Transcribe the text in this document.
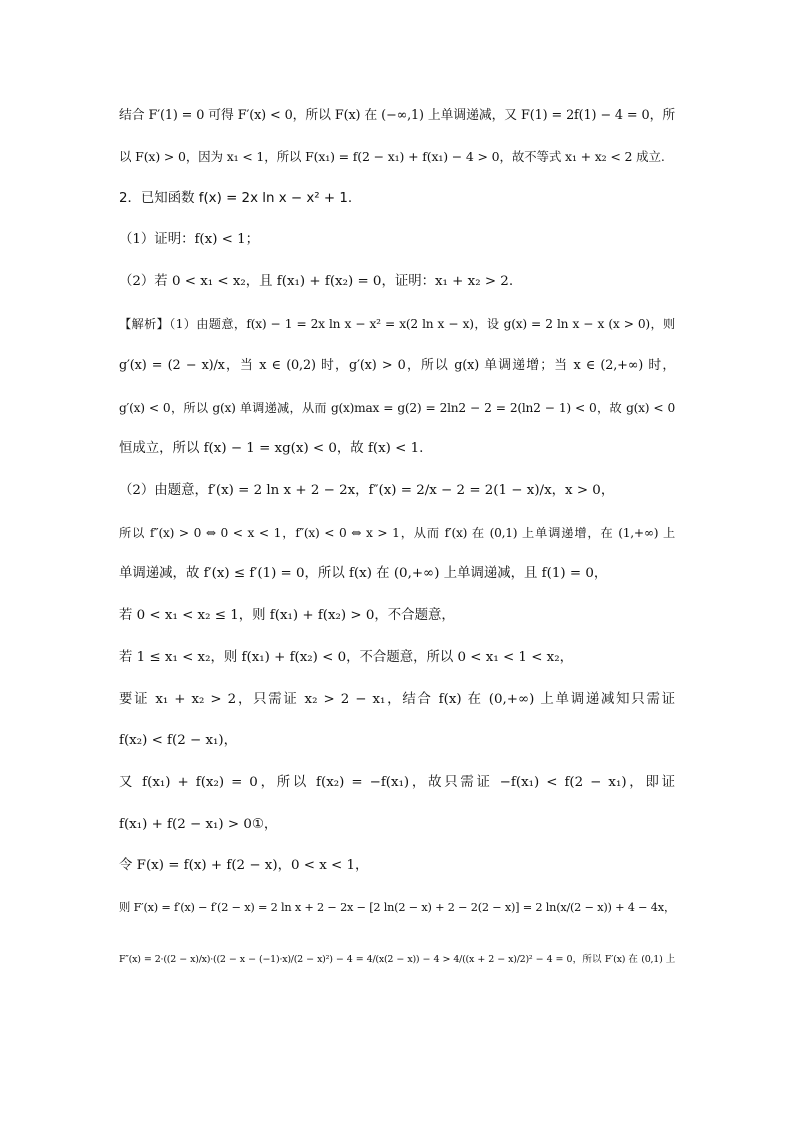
结合 F′(1) = 0 可得 F′(x) < 0，所以 F(x) 在 (−∞,1) 上单调递减，又 F(1) = 2f(1) − 4 = 0，所
以 F(x) > 0，因为 x₁ < 1，所以 F(x₁) = f(2 − x₁) + f(x₁) − 4 > 0，故不等式 x₁ + x₂ < 2 成立.
2．已知函数 f(x) = 2x ln x − x² + 1.
（1）证明：f(x) < 1；
（2）若 0 < x₁ < x₂，且 f(x₁) + f(x₂) = 0，证明：x₁ + x₂ > 2.
【解析】（1）由题意，f(x) − 1 = 2x ln x − x² = x(2 ln x − x)，设 g(x) = 2 ln x − x (x > 0)，则
g′(x) = (2 − x)/x，当 x ∈ (0,2) 时，g′(x) > 0，所以 g(x) 单调递增；当 x ∈ (2,+∞) 时，
g′(x) < 0，所以 g(x) 单调递减，从而 g(x)max = g(2) = 2ln2 − 2 = 2(ln2 − 1) < 0，故 g(x) < 0
恒成立，所以 f(x) − 1 = xg(x) < 0，故 f(x) < 1.
（2）由题意，f′(x) = 2 ln x + 2 − 2x，f″(x) = 2/x − 2 = 2(1 − x)/x，x > 0，
所以 f″(x) > 0 ⇔ 0 < x < 1，f″(x) < 0 ⇔ x > 1，从而 f′(x) 在 (0,1) 上单调递增，在 (1,+∞) 上
单调递减，故 f′(x) ≤ f′(1) = 0，所以 f(x) 在 (0,+∞) 上单调递减，且 f(1) = 0，
若 0 < x₁ < x₂ ≤ 1，则 f(x₁) + f(x₂) > 0，不合题意，
若 1 ≤ x₁ < x₂，则 f(x₁) + f(x₂) < 0，不合题意，所以 0 < x₁ < 1 < x₂，
要证 x₁ + x₂ > 2，只需证 x₂ > 2 − x₁，结合 f(x) 在 (0,+∞) 上单调递减知只需证
f(x₂) < f(2 − x₁)，
又 f(x₁) + f(x₂) = 0，所以 f(x₂) = −f(x₁)，故只需证 −f(x₁) < f(2 − x₁)，即证
f(x₁) + f(2 − x₁) > 0①，
令 F(x) = f(x) + f(2 − x)，0 < x < 1，
则 F′(x) = f′(x) − f′(2 − x) = 2 ln x + 2 − 2x − [2 ln(2 − x) + 2 − 2(2 − x)] = 2 ln(x/(2 − x)) + 4 − 4x，
F″(x) = 2·((2 − x)/x)·((2 − x − (−1)·x)/(2 − x)²) − 4 = 4/(x(2 − x)) − 4 > 4/((x + 2 − x)/2)² − 4 = 0，所以 F′(x) 在 (0,1) 上
